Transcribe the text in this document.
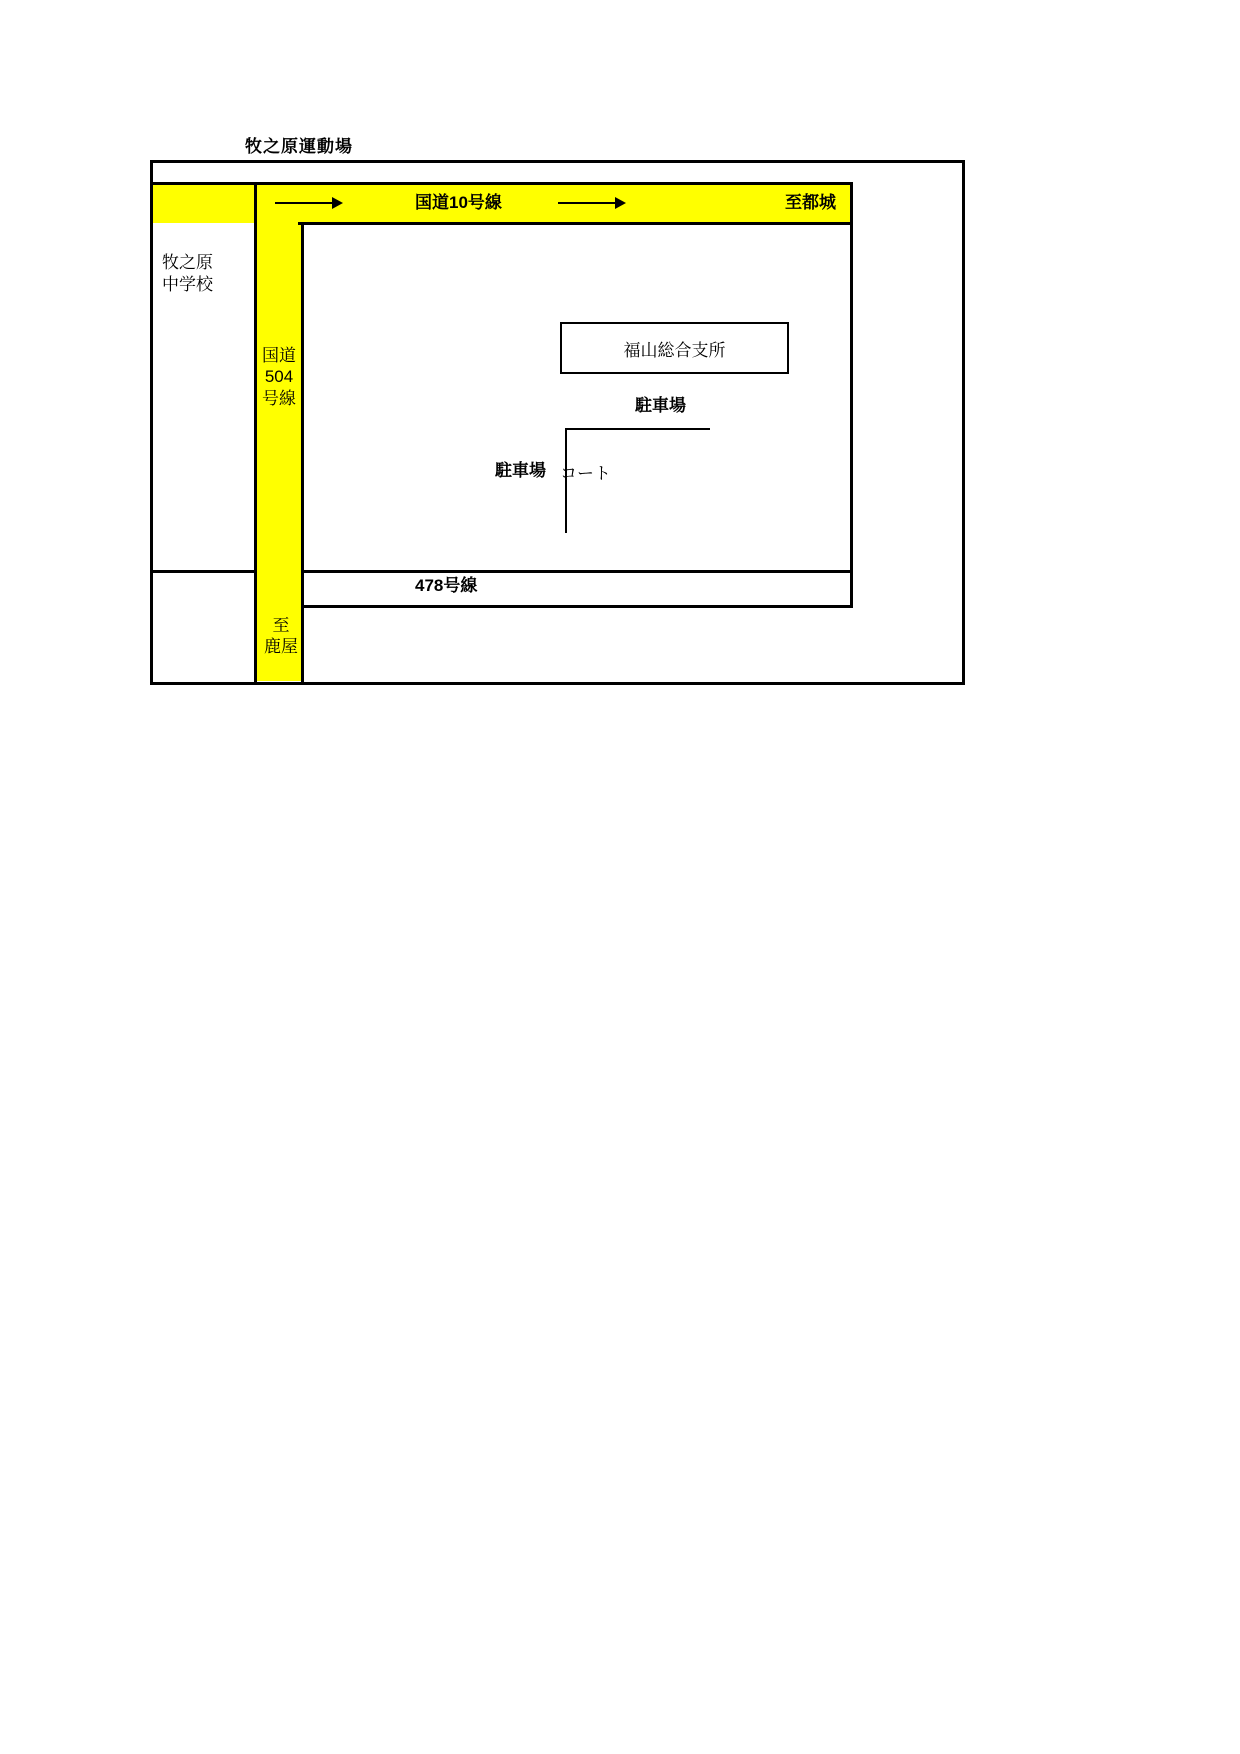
牧之原運動場
福山総合支所
国道10号線	至都城
牧之原
中学校
国道
504
号線
至
鹿屋
駐車場
駐車場 コート
478号線
